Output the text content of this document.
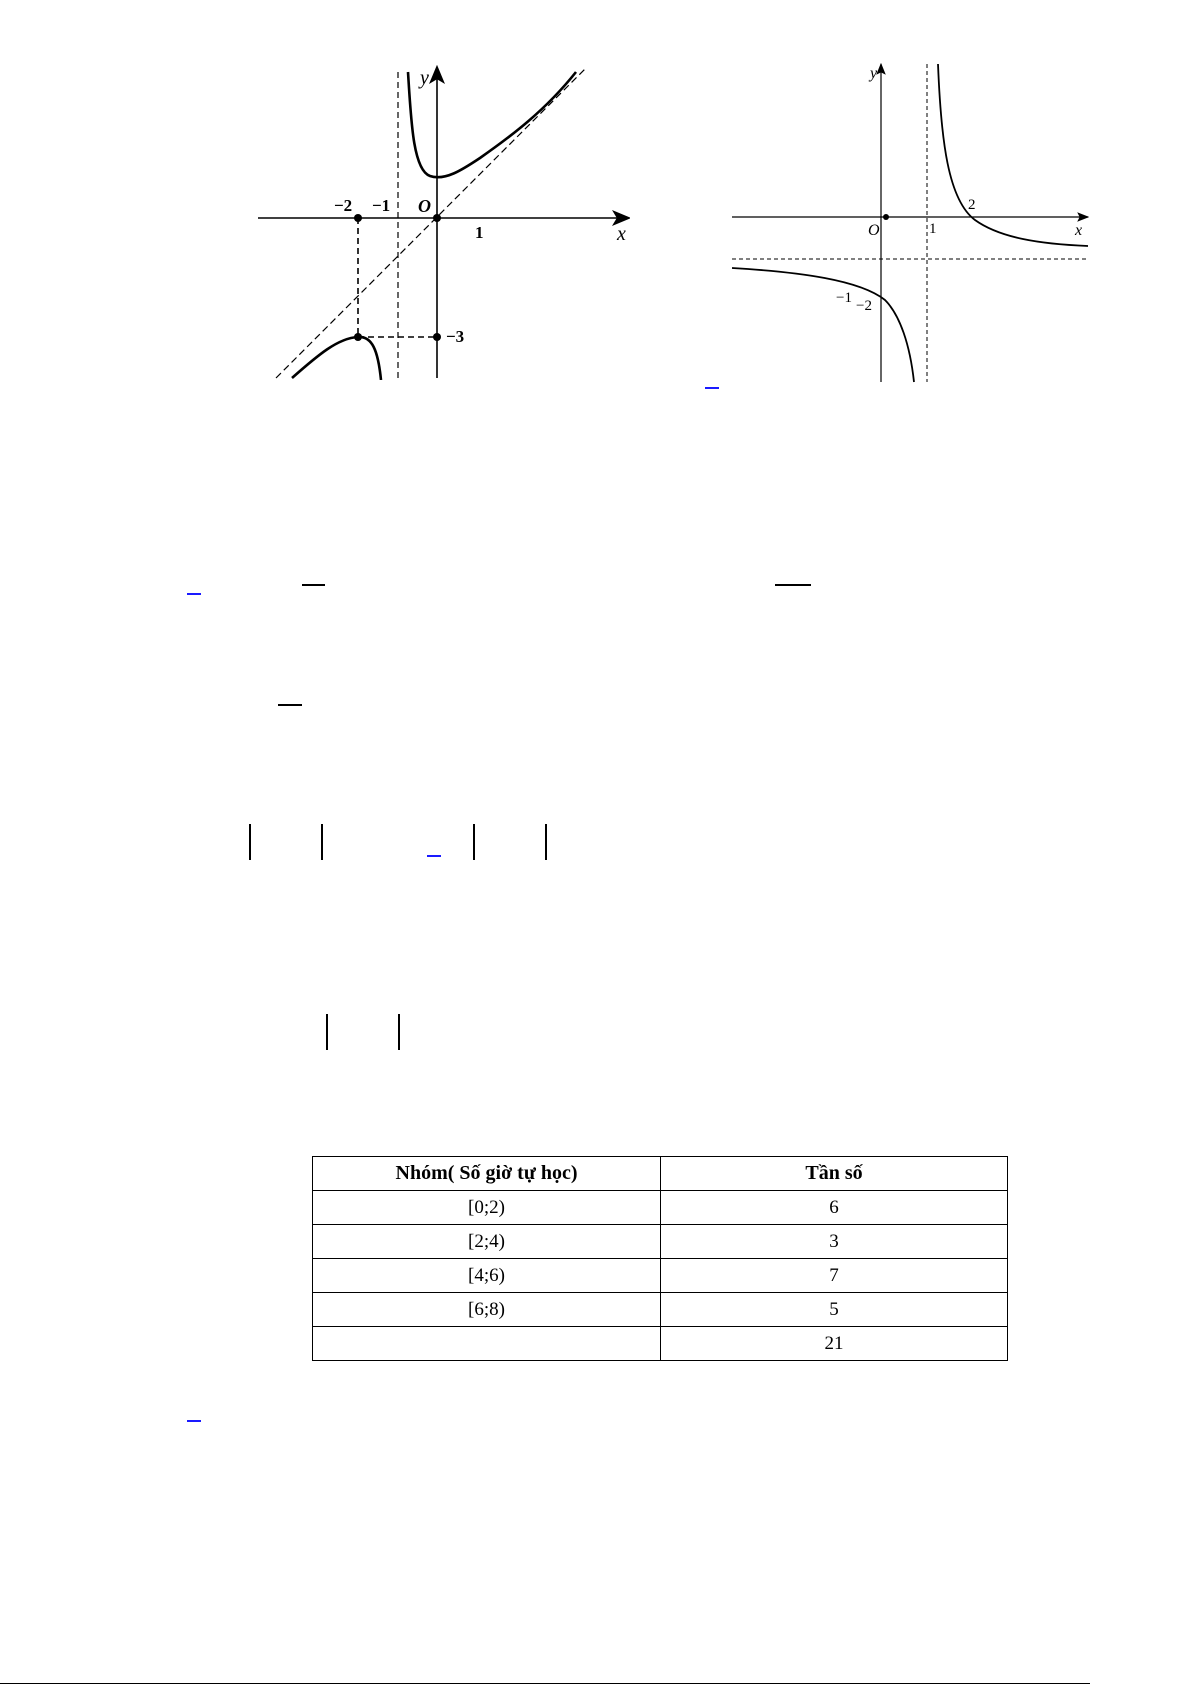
y
x
O
−2 −1
1
−3
y
x
O	1
2
−1 −2
Nhóm( Số giờ tự học)	Tần số
[0;2)	6
[2;4)	3
[4;6)	7
[6;8)	5
	21
